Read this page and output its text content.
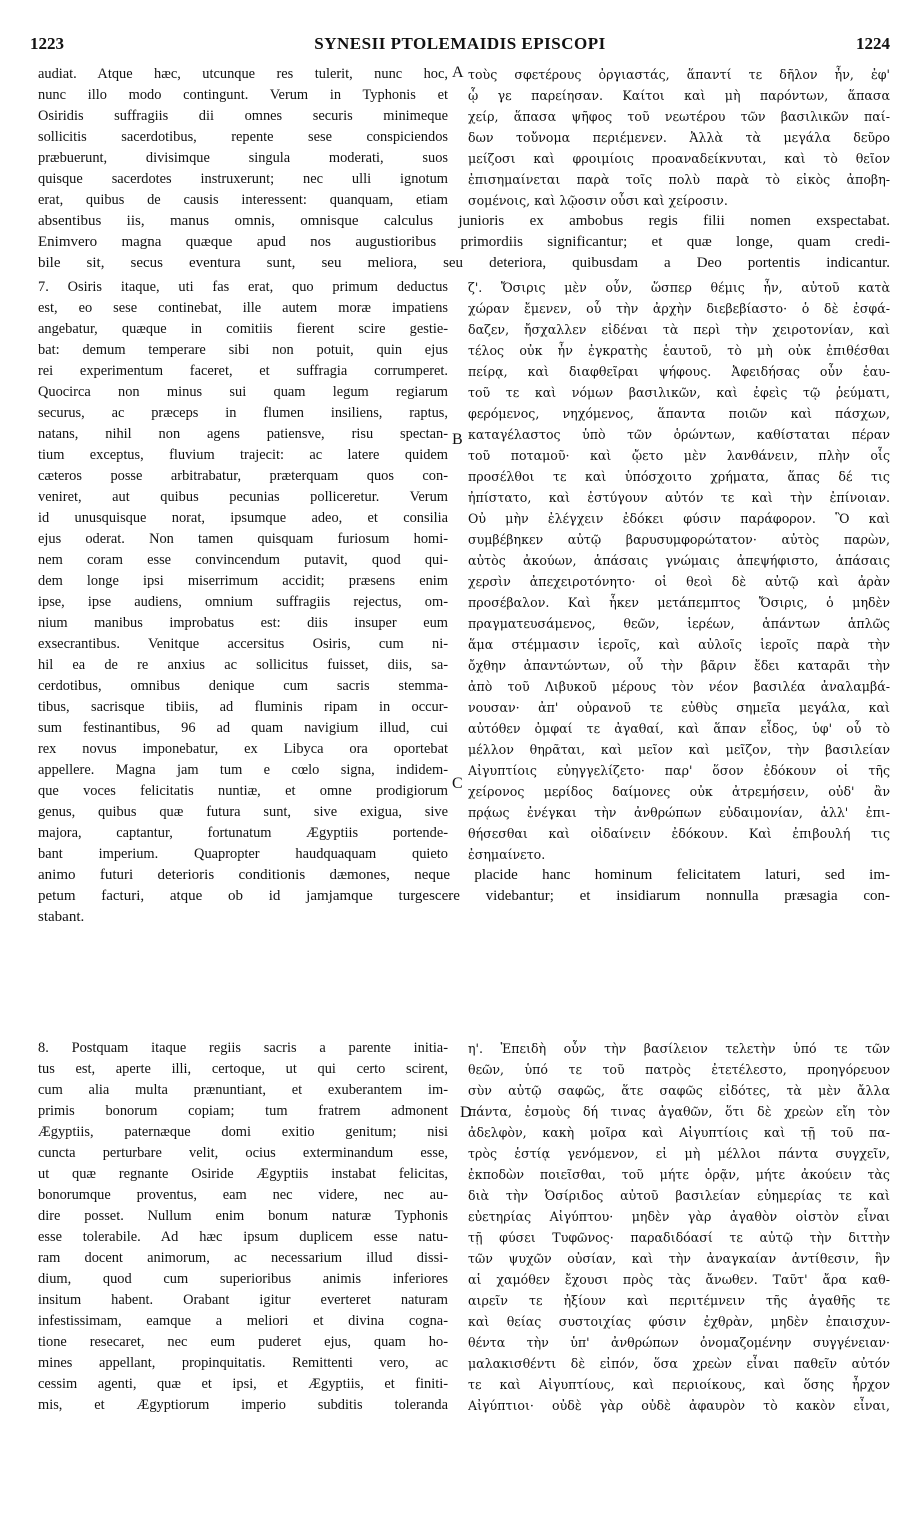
SYNESII PTOLEMAIDIS EPISCOPI
1223	1224
A
B
C
D
audiat. Atque hæc, utcunque res tulerit, nunc hoc,
nunc illo modo contingunt. Verum in Typhonis et
Osiridis suffragiis dii omnes securis minimeque
sollicitis sacerdotibus, repente sese conspiciendos
præbuerunt, divisimque singula moderati, suos
quisque sacerdotes instruxerunt; nec ulli ignotum
erat, quibus de causis interessent: quanquam, etiam
τοὺς σφετέρους ὀργιαστάς, ἅπαντί τε δῆλον ἦν, ἐφ'
ᾧ γε παρείησαν. Καίτοι καὶ μὴ παρόντων, ἅπασα
χείρ, ἅπασα ψῆφος τοῦ νεωτέρου τῶν βασιλικῶν παί-
δων τοὔνομα περιέμενεν. Ἀλλὰ τὰ μεγάλα δεῦρο
μείζοσι καὶ φροιμίοις προαναδείκνυται, καὶ τὸ θεῖον
ἐπισημαίνεται παρὰ τοῖς πολὺ παρὰ τὸ εἰκὸς ἀποβη-
σομένοις, καὶ λῷοσιν οὖσι καὶ χείροσιν.
absentibus iis, manus omnis, omnisque calculus junioris ex ambobus regis filii nomen exspectabat.
Enimvero magna quæque apud nos augustioribus primordiis significantur; et quæ longe, quam credi-
bile sit, secus eventura sunt, seu meliora, seu deteriora, quibusdam a Deo portentis indicantur.
7. Osiris itaque, uti fas erat, quo primum deductus
est, eo sese continebat, ille autem moræ impatiens
angebatur, quæque in comitiis fierent scire gestie-
bat: demum temperare sibi non potuit, quin ejus
rei experimentum faceret, et suffragia corrumperet.
Quocirca non minus sui quam legum regiarum
securus, ac præceps in flumen insiliens, raptus,
natans, nihil non agens patiensve, risu spectan-
tium exceptus, fluvium trajecit: ac latere quidem
cæteros posse arbitrabatur, præterquam quos con-
veniret, aut quibus pecunias polliceretur. Verum
id unusquisque norat, ipsumque adeo, et consilia
ejus oderat. Non tamen quisquam furiosum homi-
nem coram esse convincendum putavit, quod qui-
dem longe ipsi miserrimum accidit; præsens enim
ipse, ipse audiens, omnium suffragiis rejectus, om-
nium manibus improbatus est: diis insuper eum
exsecrantibus. Venitque accersitus Osiris, cum ni-
hil ea de re anxius ac sollicitus fuisset, diis, sa-
cerdotibus, omnibus denique cum sacris stemma-
tibus, sacrisque tibiis, ad fluminis ripam in occur-
sum festinantibus, 96 ad quam navigium illud, cui
rex novus imponebatur, ex Libyca ora oportebat
appellere. Magna jam tum e cœlo signa, indidem-
que voces felicitatis nuntiæ, et omne prodigiorum
genus, quibus quæ futura sunt, sive exigua, sive
majora, captantur, fortunatum Ægyptiis portende-
bant imperium. Quapropter haudquaquam quieto
ζ'. Ὄσιρις μὲν οὖν, ὥσπερ θέμις ἦν, αὐτοῦ κατὰ
χώραν ἔμενεν, οὗ τὴν ἀρχὴν διεβεβίαστο· ὁ δὲ ἐσφά-
δαζεν, ἤσχαλλεν εἰδέναι τὰ περὶ τὴν χειροτονίαν, καὶ
τέλος οὐκ ἦν ἐγκρατὴς ἑαυτοῦ, τὸ μὴ οὐκ ἐπιθέσθαι
πείρᾳ, καὶ διαφθεῖραι ψήφους. Ἀφειδήσας οὖν ἑαυ-
τοῦ τε καὶ νόμων βασιλικῶν, καὶ ἐφεὶς τῷ ῥεύματι,
φερόμενος, νηχόμενος, ἅπαντα ποιῶν καὶ πάσχων,
καταγέλαστος ὑπὸ τῶν ὁρώντων, καθίσταται πέραν
τοῦ ποταμοῦ· καὶ ᾤετο μὲν λανθάνειν, πλὴν οἷς
προσέλθοι τε καὶ ὑπόσχοιτο χρήματα, ἅπας δέ τις
ἠπίστατο, καὶ ἐστύγουν αὐτόν τε καὶ τὴν ἐπίνοιαν.
Οὐ μὴν ἐλέγχειν ἐδόκει φύσιν παράφορον. Ὃ καὶ
συμβέβηκεν αὐτῷ βαρυσυμφορώτατον· αὐτὸς παρὼν,
αὐτὸς ἀκούων, ἁπάσαις γνώμαις ἀπεψήφιστο, ἁπάσαις
χερσὶν ἀπεχειροτόνητο· οἱ θεοὶ δὲ αὐτῷ καὶ ἀρὰν
προσέβαλον. Καὶ ἧκεν μετάπεμπτος Ὄσιρις, ὁ μηδὲν
πραγματευσάμενος, θεῶν, ἱερέων, ἁπάντων ἁπλῶς
ἅμα στέμμασιν ἱεροῖς, καὶ αὐλοῖς ἱεροῖς παρὰ τὴν
ὄχθην ἀπαντώντων, οὗ τὴν βᾶριν ἔδει καταρᾶι τὴν
ἀπὸ τοῦ Λιβυκοῦ μέρους τὸν νέον βασιλέα ἀναλαμβά-
νουσαν· ἀπ' οὐρανοῦ τε εὐθὺς σημεῖα μεγάλα, καὶ
αὐτόθεν ὀμφαί τε ἀγαθαί, καὶ ἅπαν εἶδος, ὑφ' οὗ τὸ
μέλλον θηρᾶται, καὶ μεῖον καὶ μεῖζον, τὴν βασιλείαν
Αἰγυπτίοις εὐηγγελίζετο· παρ' ὅσον ἐδόκουν οἱ τῆς
χείρονος μερίδος δαίμονες οὐκ ἀτρεμήσειν, οὐδ' ἂν
πρᾴως ἐνέγκαι τὴν ἀνθρώπων εὐδαιμονίαν, ἀλλ' ἐπι-
θήσεσθαι καὶ οἰδαίνειν ἐδόκουν. Καὶ ἐπιβουλή τις
ἐσημαίνετο.
animo futuri deterioris conditionis dæmones, neque placide hanc hominum felicitatem laturi, sed im-
petum facturi, atque ob id jamjamque turgescere videbantur; et insidiarum nonnulla præsagia con-
stabant.
8. Postquam itaque regiis sacris a parente initia-
tus est, aperte illi, certoque, ut qui certo scirent,
cum alia multa prænuntiant, et exuberantem im-
primis bonorum copiam; tum fratrem admonent
Ægyptiis, paternæque domi exitio genitum; nisi
cuncta perturbare velit, ocius exterminandum esse,
ut quæ regnante Osiride Ægyptiis instabat felicitas,
bonorumque proventus, eam nec videre, nec au-
dire posset. Nullum enim bonum naturæ Typhonis
esse tolerabile. Ad hæc ipsum duplicem esse natu-
ram docent animorum, ac necessarium illud dissi-
dium, quod cum superioribus animis inferiores
insitum habent. Orabant igitur everteret naturam
infestissimam, eamque a meliori et divina cogna-
tione resecaret, nec eum puderet ejus, quam ho-
mines appellant, propinquitatis. Remittenti vero, ac
cessim agenti, quæ et ipsi, et Ægyptiis, et finiti-
mis, et Ægyptiorum imperio subditis toleranda
η'. Ἐπειδὴ οὖν τὴν βασίλειον τελετὴν ὑπό τε τῶν
θεῶν, ὑπό τε τοῦ πατρὸς ἐτετέλεστο, προηγόρευον
σὺν αὐτῷ σαφῶς, ἅτε σαφῶς εἰδότες, τὰ μὲν ἄλλα
πάντα, ἐσμοὺς δή τινας ἀγαθῶν, ὅτι δὲ χρεὼν εἴη τὸν
ἀδελφὸν, κακὴ μοῖρα καὶ Αἰγυπτίοις καὶ τῇ τοῦ πα-
τρὸς ἑστίᾳ γενόμενον, εἰ μὴ μέλλοι πάντα συγχεῖν,
ἐκποδὼν ποιεῖσθαι, τοῦ μήτε ὁρᾷν, μήτε ἀκούειν τὰς
διὰ τὴν Ὀσίριδος αὐτοῦ βασιλείαν εὐημερίας τε καὶ
εὐετηρίας Αἰγύπτου· μηδὲν γὰρ ἀγαθὸν οἰστὸν εἶναι
τῇ φύσει Τυφῶνος· παραδιδόασί τε αὐτῷ τὴν διττὴν
τῶν ψυχῶν οὐσίαν, καὶ τὴν ἀναγκαίαν ἀντίθεσιν, ἣν
αἱ χαμόθεν ἔχουσι πρὸς τὰς ἄνωθεν. Ταῦτ' ἄρα καθ-
αιρεῖν τε ἠξίουν καὶ περιτέμνειν τῆς ἀγαθῆς τε
καὶ θείας συστοιχίας φύσιν ἐχθρὰν, μηδὲν ἐπαισχυν-
θέντα τὴν ὑπ' ἀνθρώπων ὀνομαζομένην συγγένειαν·
μαλακισθέντι δὲ εἰπόν, ὅσα χρεὼν εἶναι παθεῖν αὐτόν
τε καὶ Αἰγυπτίους, καὶ περιοίκους, καὶ ὅσης ἦρχον
Αἰγύπτιοι· οὐδὲ γὰρ οὐδὲ ἀφαυρὸν τὸ κακὸν εἶναι,
